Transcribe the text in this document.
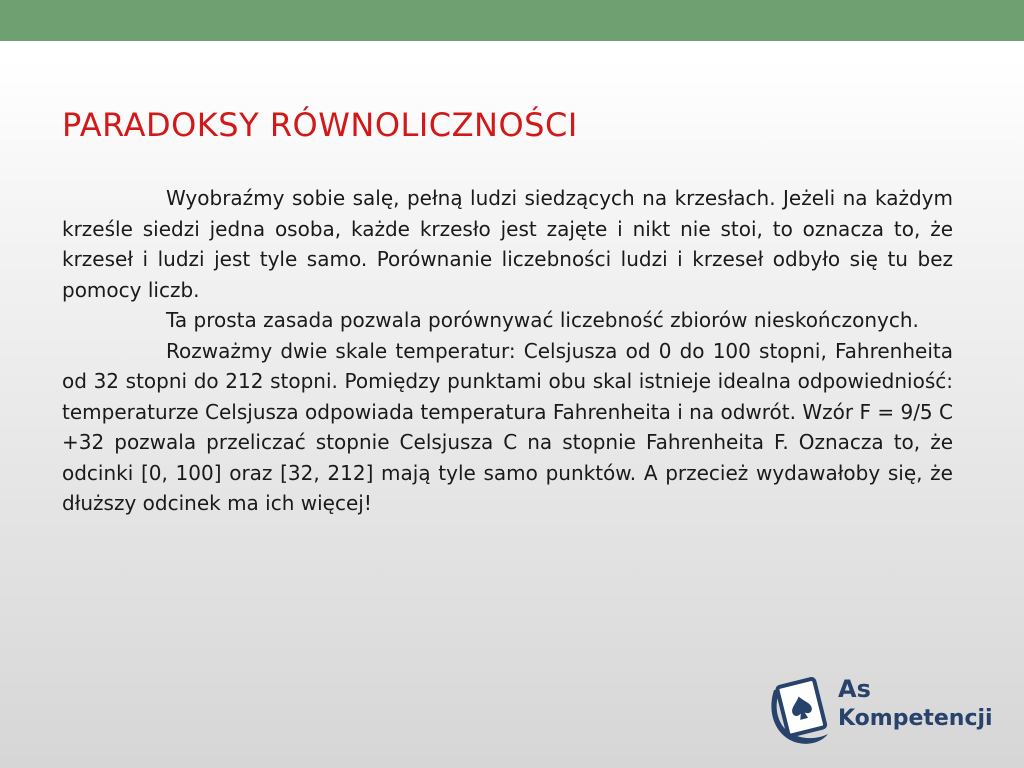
PARADOKSY RÓWNOLICZNOŚCI

Wyobraźmy sobie salę, pełną ludzi siedzących na krzesłach. Jeżeli na każdym krześle siedzi jedna osoba, każde krzesło jest zajęte i nikt nie stoi, to oznacza to, że krzeseł i ludzi jest tyle samo. Porównanie liczebności ludzi i krzeseł odbyło się tu bez pomocy liczb.

Ta prosta zasada pozwala porównywać liczebność zbiorów nieskończonych.

Rozważmy dwie skale temperatur: Celsjusza od 0 do 100 stopni, Fahrenheita od 32 stopni do 212 stopni. Pomiędzy punktami obu skal istnieje idealna odpowiedniość: temperaturze Celsjusza odpowiada temperatura Fahrenheita i na odwrót. Wzór F = 9/5 C +32 pozwala przeliczać stopnie Celsjusza C na stopnie Fahrenheita F. Oznacza to, że odcinki [0, 100] oraz [32, 212] mają tyle samo punktów. A przecież wydawałoby się, że dłuższy odcinek ma ich więcej!

As
Kompetencji
